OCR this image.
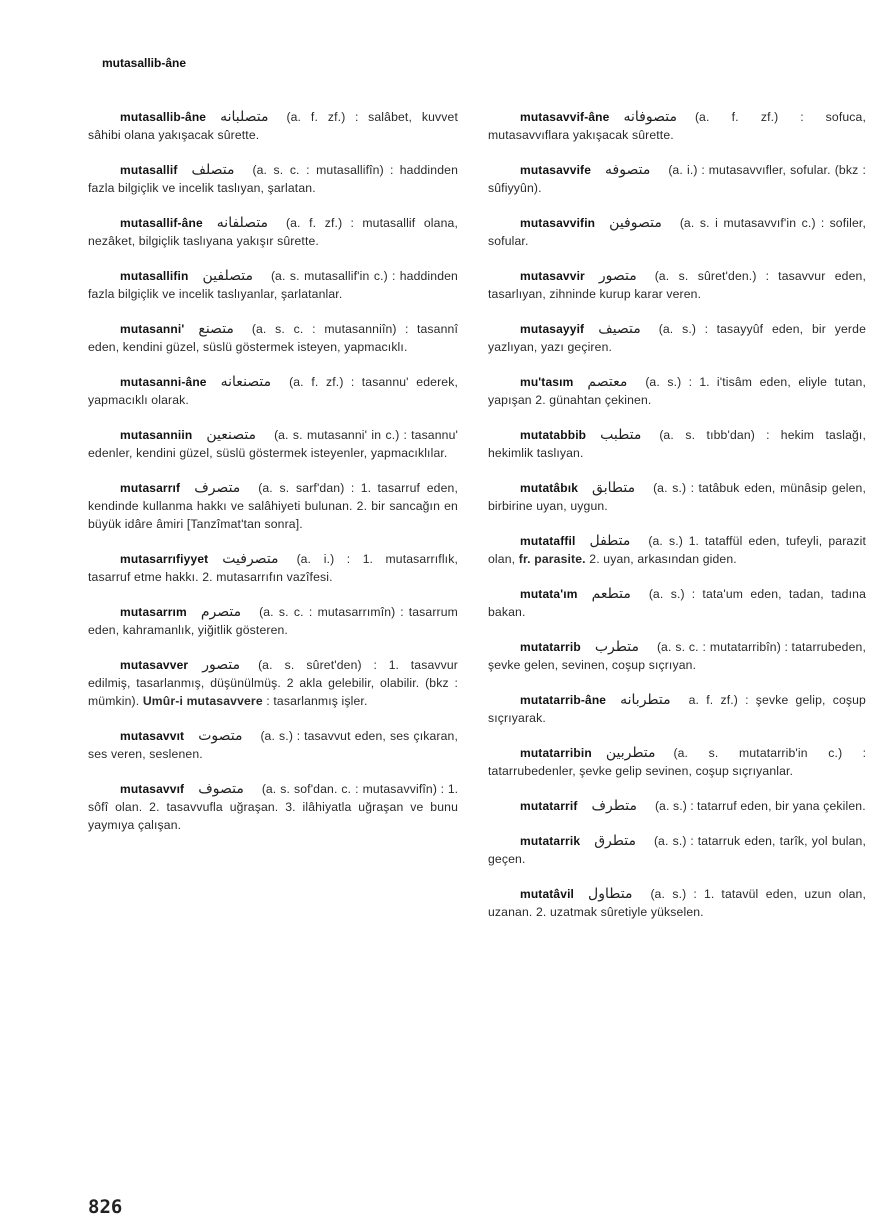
mutasallib-âne
mutasallib-âne متصلبانه (a. f. zf.) : salâbet, kuvvet sâhibi olana yakışacak sûrette.
mutasallif متصلف (a. s. c. : mutasallifîn) : haddinden fazla bilgiçlik ve incelik taslıyan, şarlatan.
mutasallif-âne متصلفانه (a. f. zf.) : mutasallif olana, nezâket, bilgiçlik taslıyana yakışır sûrette.
mutasallifin متصلفين (a. s. mutasallif'in c.) : haddinden fazla bilgiçlik ve incelik taslıyanlar, şarlatanlar.
mutasanni' متصنع (a. s. c. : mutasanniîn) : tasannî eden, kendini güzel, süslü göstermek isteyen, yapmacıklı.
mutasanni-âne متصنعانه (a. f. zf.) : tasannu' ederek, yapmacıklı olarak.
mutasanniin متصنعين (a. s. mutasanni' in c.) : tasannu' edenler, kendini güzel, süslü göstermek isteyenler, yapmacıklılar.
mutasarrıf متصرف (a. s. sarf'dan) : 1. tasarruf eden, kendinde kullanma hakkı ve salâhiyeti bulunan. 2. bir sancağın en büyük idâre âmiri [Tanzîmat'tan sonra].
mutasarrıfiyyet متصرفيت (a. i.) : 1. mutasarrıflık, tasarruf etme hakkı. 2. mutasarrıfın vazîfesi.
mutasarrım متصرم (a. s. c. : mutasarrımîn) : tasarrum eden, kahramanlık, yiğitlik gösteren.
mutasavver متصور (a. s. sûret'den) : 1. tasavvur edilmiş, tasarlanmış, düşünülmüş. 2 akla gelebilir, olabilir. (bkz : mümkin). Umûr-i mutasavvere : tasarlanmış işler.
mutasavvıt متصوت (a. s.) : tasavvut eden, ses çıkaran, ses veren, seslenen.
mutasavvıf متصوف (a. s. sof'dan. c. : mutasavvifîn) : 1. sôfî olan. 2. tasavvufla uğraşan. 3. ilâhiyatla uğraşan ve bunu yaymıya çalışan.
mutasavvif-âne متصوفانه (a. f. zf.) : sofuca, mutasavvıflara yakışacak sûrette.
mutasavvife متصوفه (a. i.) : mutasavvıfler, sofular. (bkz : sûfiyyûn).
mutasavvifin متصوفين (a. s. i mutasavvıf'in c.) : sofiler, sofular.
mutasavvir متصور (a. s. sûret'den.) : tasavvur eden, tasarlıyan, zihninde kurup karar veren.
mutasayyif متصيف (a. s.) : tasayyûf eden, bir yerde yazlıyan, yazı geçiren.
mu'tasım معتصم (a. s.) : 1. i'tisâm eden, eliyle tutan, yapışan 2. günahtan çekinen.
mutatabbib متطبب (a. s. tıbb'dan) : hekim taslağı, hekimlik taslıyan.
mutatâbık متطابق (a. s.) : tatâbuk eden, münâsip gelen, birbirine uyan, uygun.
mutataffil متطفل (a. s.) 1. tataffül eden, tufeyli, parazit olan, fr. parasite. 2. uyan, arkasından giden.
mutata'ım متطعم (a. s.) : tata'um eden, tadan, tadına bakan.
mutatarrib متطرب (a. s. c. : mutatarribîn) : tatarrubeden, şevke gelen, sevinen, coşup sıçrıyan.
mutatarrib-âne متطربانه a. f. zf.) : şevke gelip, coşup sıçrıyarak.
mutatarribin متطربين (a. s. mutatarrib'in c.) : tatarrubedenler, şevke gelip sevinen, coşup sıçrıyanlar.
mutatarrif متطرف (a. s.) : tatarruf eden, bir yana çekilen.
mutatarrik متطرق (a. s.) : tatarruk eden, tarîk, yol bulan, geçen.
mutatâvil متطاول (a. s.) : 1. tatavül eden, uzun olan, uzanan. 2. uzatmak sûretiyle yükselen.
826
